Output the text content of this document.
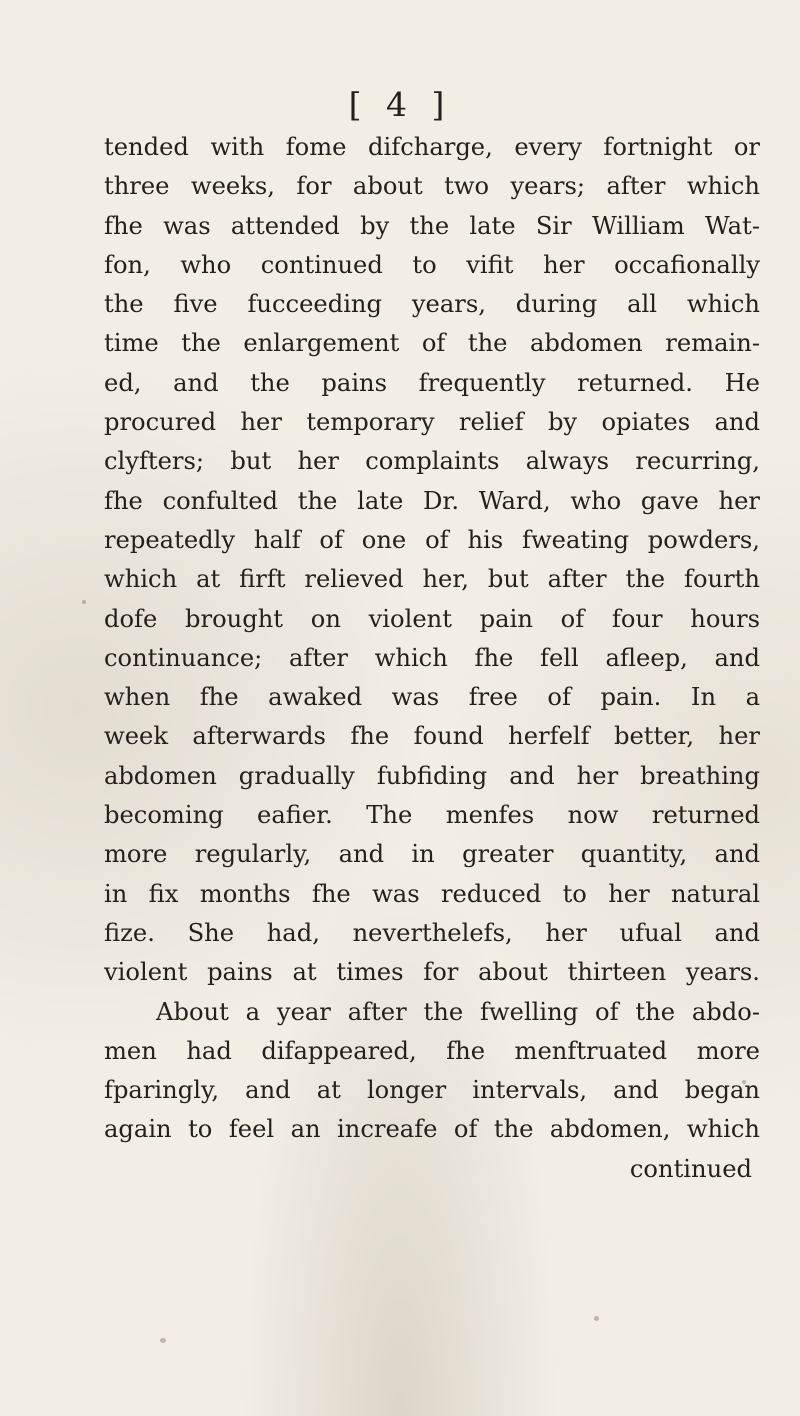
[ 4 ]
tended with fome difcharge, every fortnight or
three weeks, for about two years; after which
fhe was attended by the late Sir William Wat-
fon, who continued to vifit her occafionally
the five fucceeding years, during all which
time the enlargement of the abdomen remain-
ed, and the pains frequently returned. He
procured her temporary relief by opiates and
clyfters; but her complaints always recurring,
fhe confulted the late Dr. Ward, who gave her
repeatedly half of one of his fweating powders,
which at firft relieved her, but after the fourth
dofe brought on violent pain of four hours
continuance; after which fhe fell afleep, and
when fhe awaked was free of pain. In a
week afterwards fhe found herfelf better, her
abdomen gradually fubfiding and her breathing
becoming eafier. The menfes now returned
more regularly, and in greater quantity, and
in fix months fhe was reduced to her natural
fize. She had, neverthelefs, her ufual and
violent pains at times for about thirteen years.
About a year after the fwelling of the abdo-
men had difappeared, fhe menftruated more
fparingly, and at longer intervals, and began
again to feel an increafe of the abdomen, which
continued
